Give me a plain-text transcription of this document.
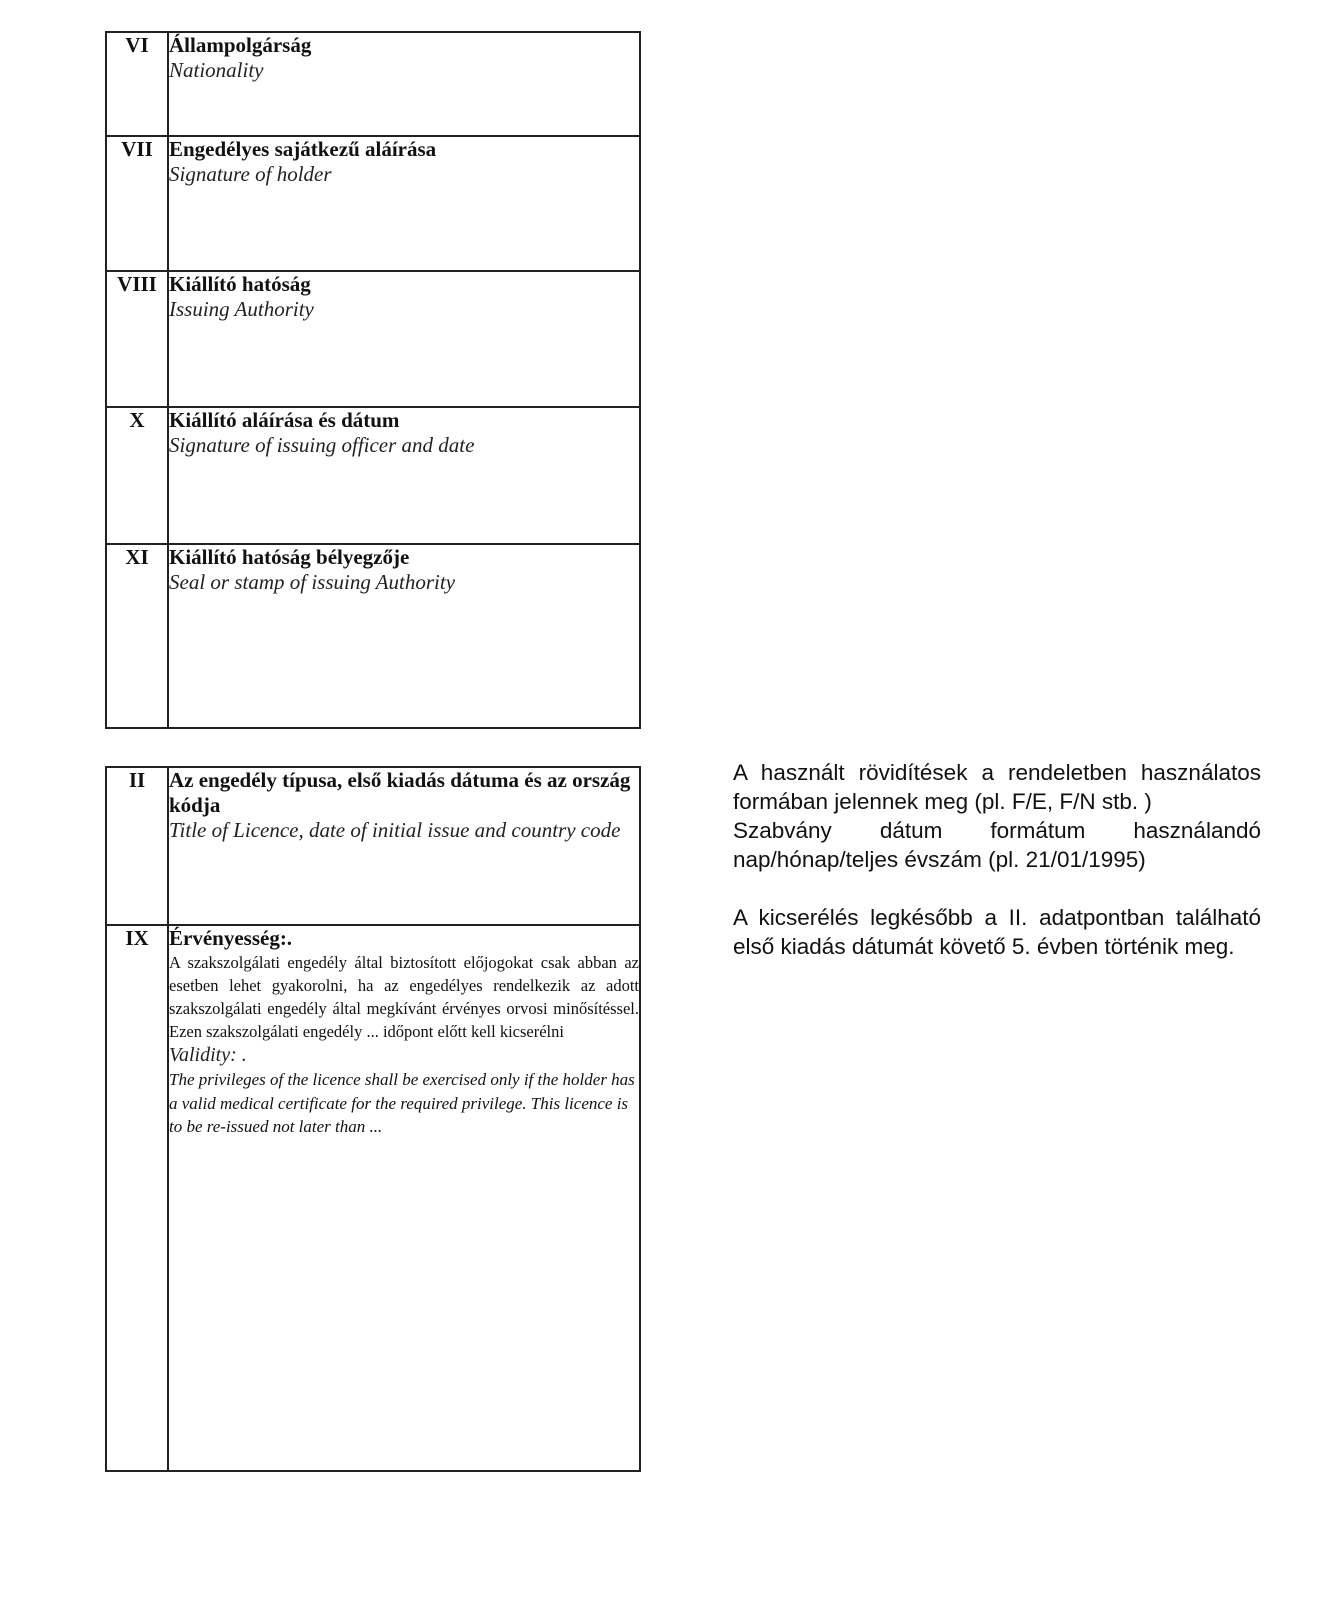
VI	Állampolgárság
Nationality

VII	Engedélyes sajátkezű aláírása
Signature of holder

VIII	Kiállító hatóság
Issuing Authority

X	Kiállító aláírása és dátum
Signature of issuing officer and date

XI	Kiállító hatóság bélyegzője
Seal or stamp of issuing Authority
II	Az engedély típusa, első kiadás dátuma és az ország kódja
Title of Licence, date of initial issue and country code

IX	Érvényesség:.
A szakszolgálati engedély által biztosított előjogokat csak abban az esetben lehet gyakorolni, ha az engedélyes rendelkezik az adott szakszolgálati engedély által megkívánt érvényes orvosi minősítéssel. Ezen szakszolgálati engedély ... időpont előtt kell kicserélni
Validity: .
The privileges of the licence shall be exercised only if the holder has a valid medical certificate for the required privilege. This licence is to be re-issued not later than ...

A használt rövidítések a rendeletben használatos formában jelennek meg (pl. F/E, F/N stb. )

Szabvány dátum formátum használandó nap/hónap/teljes évszám (pl. 21/01/1995)

A kicserélés legkésőbb a II. adatpontban található első kiadás dátumát követő 5. évben történik meg.
